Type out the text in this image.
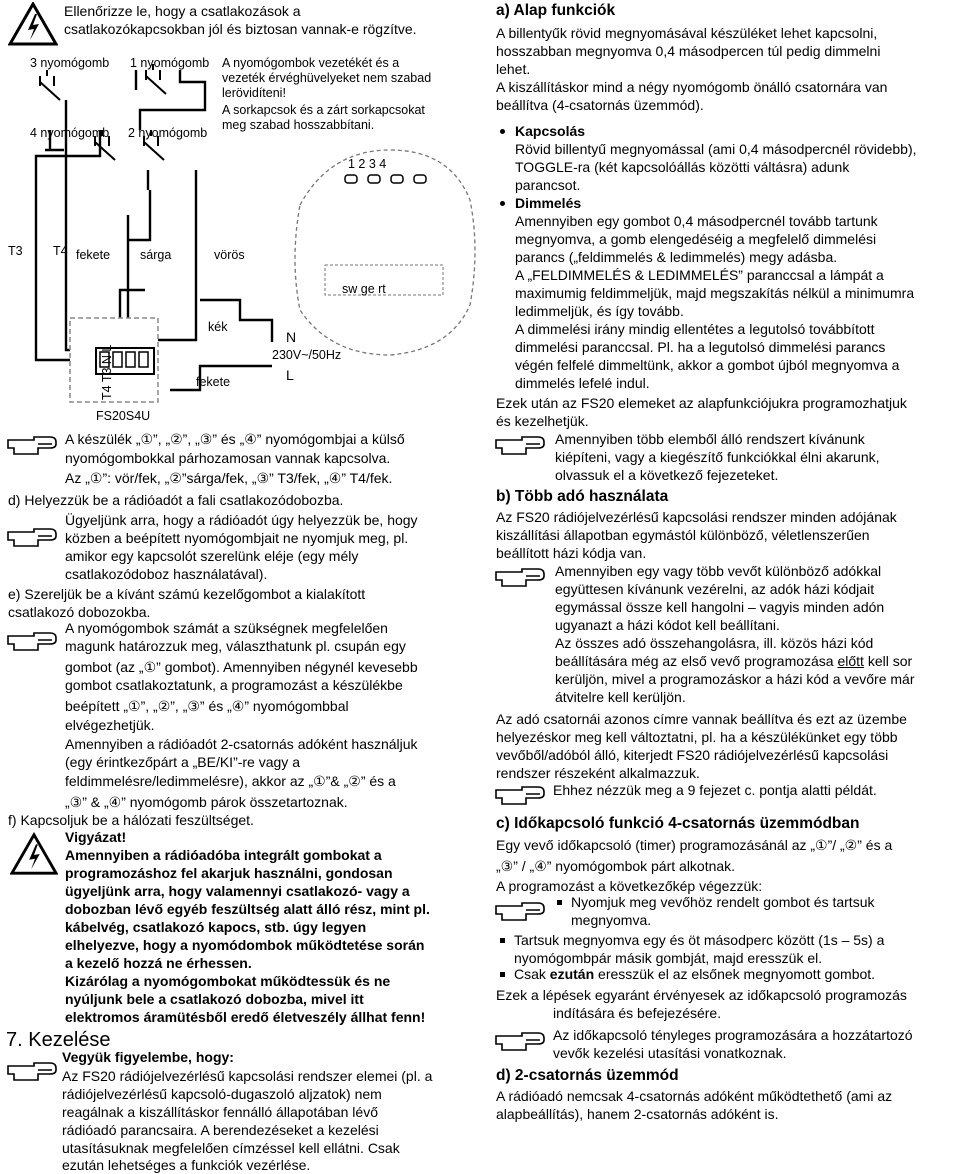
Ellenőrizze le, hogy a csatlakozások a
csatlakozókapcsokban jól és biztosan vannak-e rögzítve.
3 nyomógomb 1 nyomógomb
4 nyomógomb 2 nyomógomb
A nyomógombok vezetékét és a
vezeték érvéghüvelyeket nem szabad
lerövidíteni!
A sorkapcsok és a zárt sorkapcsokat
meg szabad hosszabbítani.
1 2 3 4
T3 T4 fekete sárga	vörös
sw ge rt
kék
N
230V~/50Hz
L
T4 T3 N L	fekete
FS20S4U
A készülék „①”, „②”, „③” és „④” nyomógombjai a külső
nyomógombokkal párhozamosan vannak kapcsolva.
Az „①”: vör/fek, „②”sárga/fek, „③” T3/fek, „④” T4/fek.
d) Helyezzük be a rádióadót a fali csatlakozódobozba.
Ügyeljünk arra, hogy a rádióadót úgy helyezzük be, hogy
közben a beépített nyomógombjait ne nyomjuk meg, pl.
amikor egy kapcsolót szerelünk eléje (egy mély
csatlakozódoboz használatával).
e) Szereljük be a kívánt számú kezelőgombot a kialakított
csatlakozó dobozokba.
A nyomógombok számát a szükségnek megfelelően
magunk határozzuk meg, választhatunk pl. csupán egy
gombot (az „①” gombot). Amennyiben négynél kevesebb
gombot csatlakoztatunk, a programozást a készülékbe
beépített „①”, „②”, „③” és „④” nyomógombbal
elvégezhetjük.
Amennyiben a rádióadót 2-csatornás adóként használjuk
(egy érintkezőpárt a „BE/KI”-re vagy a
feldimmelésre/ledimmelésre), akkor az „①”& „②” és a
„③” & „④” nyomógomb párok összetartoznak.
f) Kapcsoljuk be a hálózati feszültséget.
Vigyázat!
Amennyiben a rádióadóba integrált gombokat a
programozáshoz fel akarjuk használni, gondosan
ügyeljünk arra, hogy valamennyi csatlakozó- vagy a
dobozban lévő egyéb feszültség alatt álló rész, mint pl.
kábelvég, csatlakozó kapocs, stb. úgy legyen
elhelyezve, hogy a nyomódombok működtetése során
a kezelő hozzá ne érhessen.
Kizárólag a nyomógombokat működtessük és ne
nyúljunk bele a csatlakozó dobozba, mivel itt
elektromos áramütésből eredő életveszély állhat fenn!
7. Kezelése
Vegyük figyelembe, hogy:
Az FS20 rádiójelvezérlésű kapcsolási rendszer elemei (pl. a
rádiójelvezérlésű kapcsoló-dugaszoló aljzatok) nem
reagálnak a kiszállításkor fennálló állapotában lévő
rádióadó parancsaira. A berendezéseket a kezelési
utasításuknak megfelelően címzéssel kell ellátni. Csak
ezután lehetséges a funkciók vezérlése.
a) Alap funkciók
A billentyűk rövid megnyomásával készüléket lehet kapcsolni,
hosszabban megnyomva 0,4 másodpercen túl pedig dimmelni
lehet.
A kiszállításkor mind a négy nyomógomb önálló csatornára van
beállítva (4-csatornás üzemmód).
Kapcsolás
Rövid billentyű megnyomással (ami 0,4 másodpercnél rövidebb),
TOGGLE-ra (két kapcsolóállás közötti váltásra) adunk
parancsot.
Dimmelés
Amennyiben egy gombot 0,4 másodpercnél tovább tartunk
megnyomva, a gomb elengedéséig a megfelelő dimmelési
parancs („feldimmelés & ledimmelés) megy adásba.
A „FELDIMMELÉS & LEDIMMELÉS” paranccsal a lámpát a
maximumig feldimmeljük, majd megszakítás nélkül a minimumra
ledimmeljük, és így tovább.
A dimmelési irány mindig ellentétes a legutolsó továbbított
dimmelési paranccsal. Pl. ha a legutolsó dimmelési parancs
végén felfelé dimmeltünk, akkor a gombot újból megnyomva a
dimmelés lefelé indul.
Ezek után az FS20 elemeket az alapfunkciójukra programozhatjuk
és kezelhetjük.
Amennyiben több elemből álló rendszert kívánunk
kiépíteni, vagy a kiegészítő funkciókkal élni akarunk,
olvassuk el a következő fejezeteket.
b) Több adó használata
Az FS20 rádiójelvezérlésű kapcsolási rendszer minden adójának
kiszállítási állapotban egymástól különböző, véletlenszerűen
beállított házi kódja van.
Amennyiben egy vagy több vevőt különböző adókkal
együttesen kívánunk vezérelni, az adók házi kódjait
egymással össze kell hangolni – vagyis minden adón
ugyanazt a házi kódot kell beállítani.
Az összes adó összehangolásra, ill. közös házi kód
beállítására még az első vevő programozása előtt kell sor
kerüljön, mivel a programozáskor a házi kód a vevőre már
átvitelre kell kerüljön.
Az adó csatornái azonos címre vannak beállítva és ezt az üzembe
helyezéskor meg kell változtatni, pl. ha a készülékünket egy több
vevőből/adóból álló, kiterjedt FS20 rádiójelvezérlésű kapcsolási
rendszer részeként alkalmazzuk.
Ehhez nézzük meg a 9 fejezet c. pontja alatti példát.
c) Időkapcsoló funkció 4-csatornás üzemmódban
Egy vevő időkapcsoló (timer) programozásánál az „①”/ „②” és a
„③” / „④” nyomógombok párt alkotnak.
A programozást a következőkép végezzük:
Nyomjuk meg vevőhöz rendelt gombot és tartsuk
megnyomva.
Tartsuk megnyomva egy és öt másodperc között (1s – 5s) a
nyomógombpár másik gombját, majd eresszük el.
Csak ezután eresszük el az elsőnek megnyomott gombot.
Ezek a lépések egyaránt érvényesek az időkapcsoló programozás
indítására és befejezésére.
Az időkapcsoló tényleges programozására a hozzátartozó
vevők kezelési utasítási vonatkoznak.
d) 2-csatornás üzemmód
A rádióadó nemcsak 4-csatornás adóként működtethető (ami az
alapbeállítás), hanem 2-csatornás adóként is.
